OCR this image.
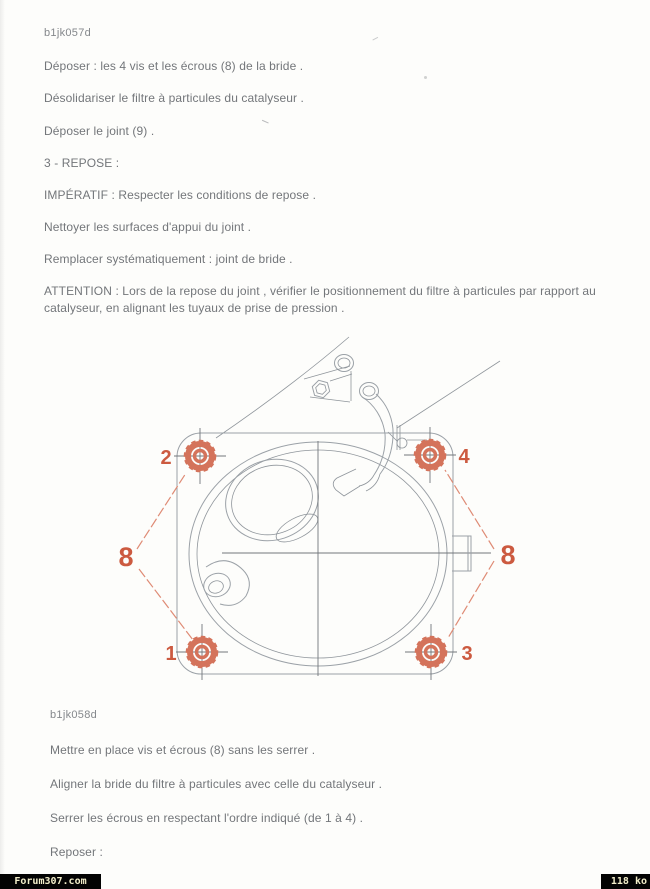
b1jk057d
Déposer : les 4 vis et les écrous (8) de la bride .
Désolidariser le filtre à particules du catalyseur .
Déposer le joint (9) .
3 - REPOSE :
IMPÉRATIF : Respecter les conditions de repose .
Nettoyer les surfaces d'appui du joint .
Remplacer systématiquement : joint de bride .
ATTENTION : Lors de la repose du joint , vérifier le positionnement du filtre à particules par rapport au catalyseur, en alignant les tuyaux de prise de pression .
2	4
1	3
8	8
b1jk058d
Mettre en place vis et écrous (8) sans les serrer .
Aligner la bride du filtre à particules avec celle du catalyseur .
Serrer les écrous en respectant l'ordre indiqué (de 1 à 4) .
Reposer :
Forum307.com	118 ko
